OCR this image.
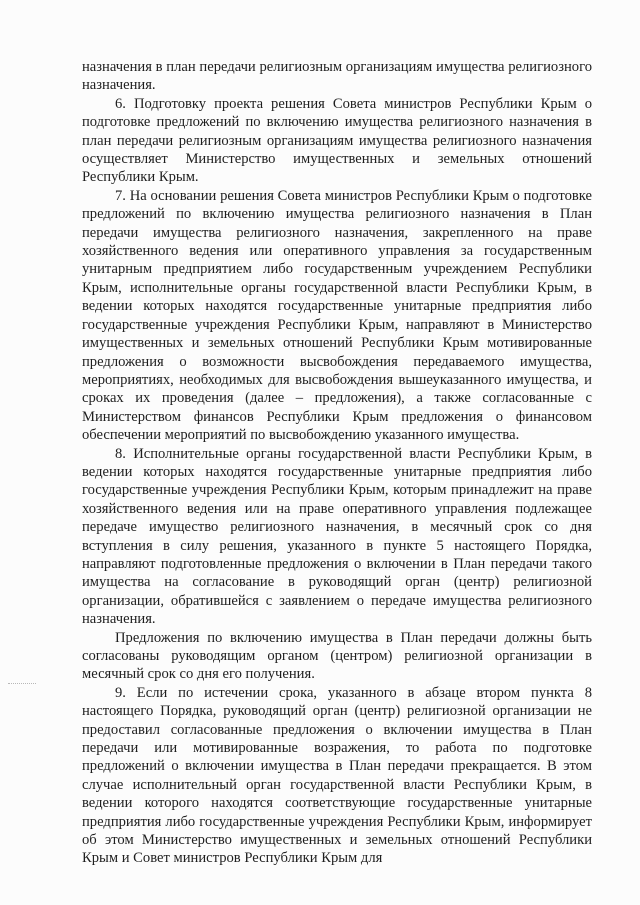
назначения в план передачи религиозным организациям имущества религиозного назначения.

6. Подготовку проекта решения Совета министров Республики Крым о подготовке предложений по включению имущества религиозного назначения в план передачи религиозным организациям имущества религиозного назначения осуществляет Министерство имущественных и земельных отношений Республики Крым.

7. На основании решения Совета министров Республики Крым о подготовке предложений по включению имущества религиозного назначения в План передачи имущества религиозного назначения, закрепленного на праве хозяйственного ведения или оперативного управления за государственным унитарным предприятием либо государственным учреждением Республики Крым, исполнительные органы государственной власти Республики Крым, в ведении которых находятся государственные унитарные предприятия либо государственные учреждения Республики Крым, направляют в Министерство имущественных и земельных отношений Республики Крым мотивированные предложения о возможности высвобождения передаваемого имущества, мероприятиях, необходимых для высвобождения вышеуказанного имущества, и сроках их проведения (далее – предложения), а также согласованные с Министерством финансов Республики Крым предложения о финансовом обеспечении мероприятий по высвобождению указанного имущества.

8. Исполнительные органы государственной власти Республики Крым, в ведении которых находятся государственные унитарные предприятия либо государственные учреждения Республики Крым, которым принадлежит на праве хозяйственного ведения или на праве оперативного управления подлежащее передаче имущество религиозного назначения, в месячный срок со дня вступления в силу решения, указанного в пункте 5 настоящего Порядка, направляют подготовленные предложения о включении в План передачи такого имущества на согласование в руководящий орган (центр) религиозной организации, обратившейся с заявлением о передаче имущества религиозного назначения.

Предложения по включению имущества в План передачи должны быть согласованы руководящим органом (центром) религиозной организации в месячный срок со дня его получения.

9. Если по истечении срока, указанного в абзаце втором пункта 8 настоящего Порядка, руководящий орган (центр) религиозной организации не предоставил согласованные предложения о включении имущества в План передачи или мотивированные возражения, то работа по подготовке предложений о включении имущества в План передачи прекращается. В этом случае исполнительный орган государственной власти Республики Крым, в ведении которого находятся соответствующие государственные унитарные предприятия либо государственные учреждения Республики Крым, информирует об этом Министерство имущественных и земельных отношений Республики Крым и Совет министров Республики Крым для
